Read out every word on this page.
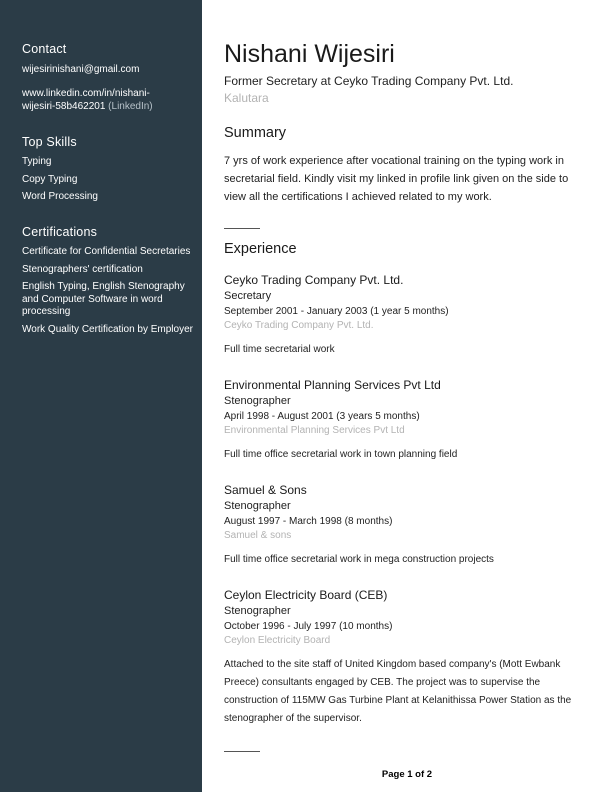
Contact

wijesirinishani@gmail.com

www.linkedin.com/in/nishani-
wijesiri-58b462201 (LinkedIn)

Top Skills

Typing

Copy Typing

Word Processing

Certifications

Certificate for Confidential Secretaries

Stenographers' certification

English Typing, English Stenography and Computer Software in word processing

Work Quality Certification by Employer

Nishani Wijesiri
Former Secretary at Ceyko Trading Company Pvt. Ltd.
Kalutara
Summary

7 yrs of work experience after vocational training on the typing work in secretarial field. Kindly visit my linked in profile link given on the side to view all the certifications I achieved related to my work.

Experience
Ceyko Trading Company Pvt. Ltd.
Secretary
September 2001 - January 2003 (1 year 5 months)
Ceyko Trading Company Pvt. Ltd.
Full time secretarial work
Environmental Planning Services Pvt Ltd
Stenographer
April 1998 - August 2001 (3 years 5 months)
Environmental Planning Services Pvt Ltd
Full time office secretarial work in town planning field
Samuel & Sons
Stenographer
August 1997 - March 1998 (8 months)
Samuel & sons
Full time office secretarial work in mega construction projects
Ceylon Electricity Board (CEB)
Stenographer
October 1996 - July 1997 (10 months)
Ceylon Electricity Board
Attached to the site staff of United Kingdom based company's (Mott Ewbank Preece) consultants engaged by CEB. The project was to supervise the construction of 115MW Gas Turbine Plant at Kelanithissa Power Station as the stenographer of the supervisor.
Page 1 of 2
